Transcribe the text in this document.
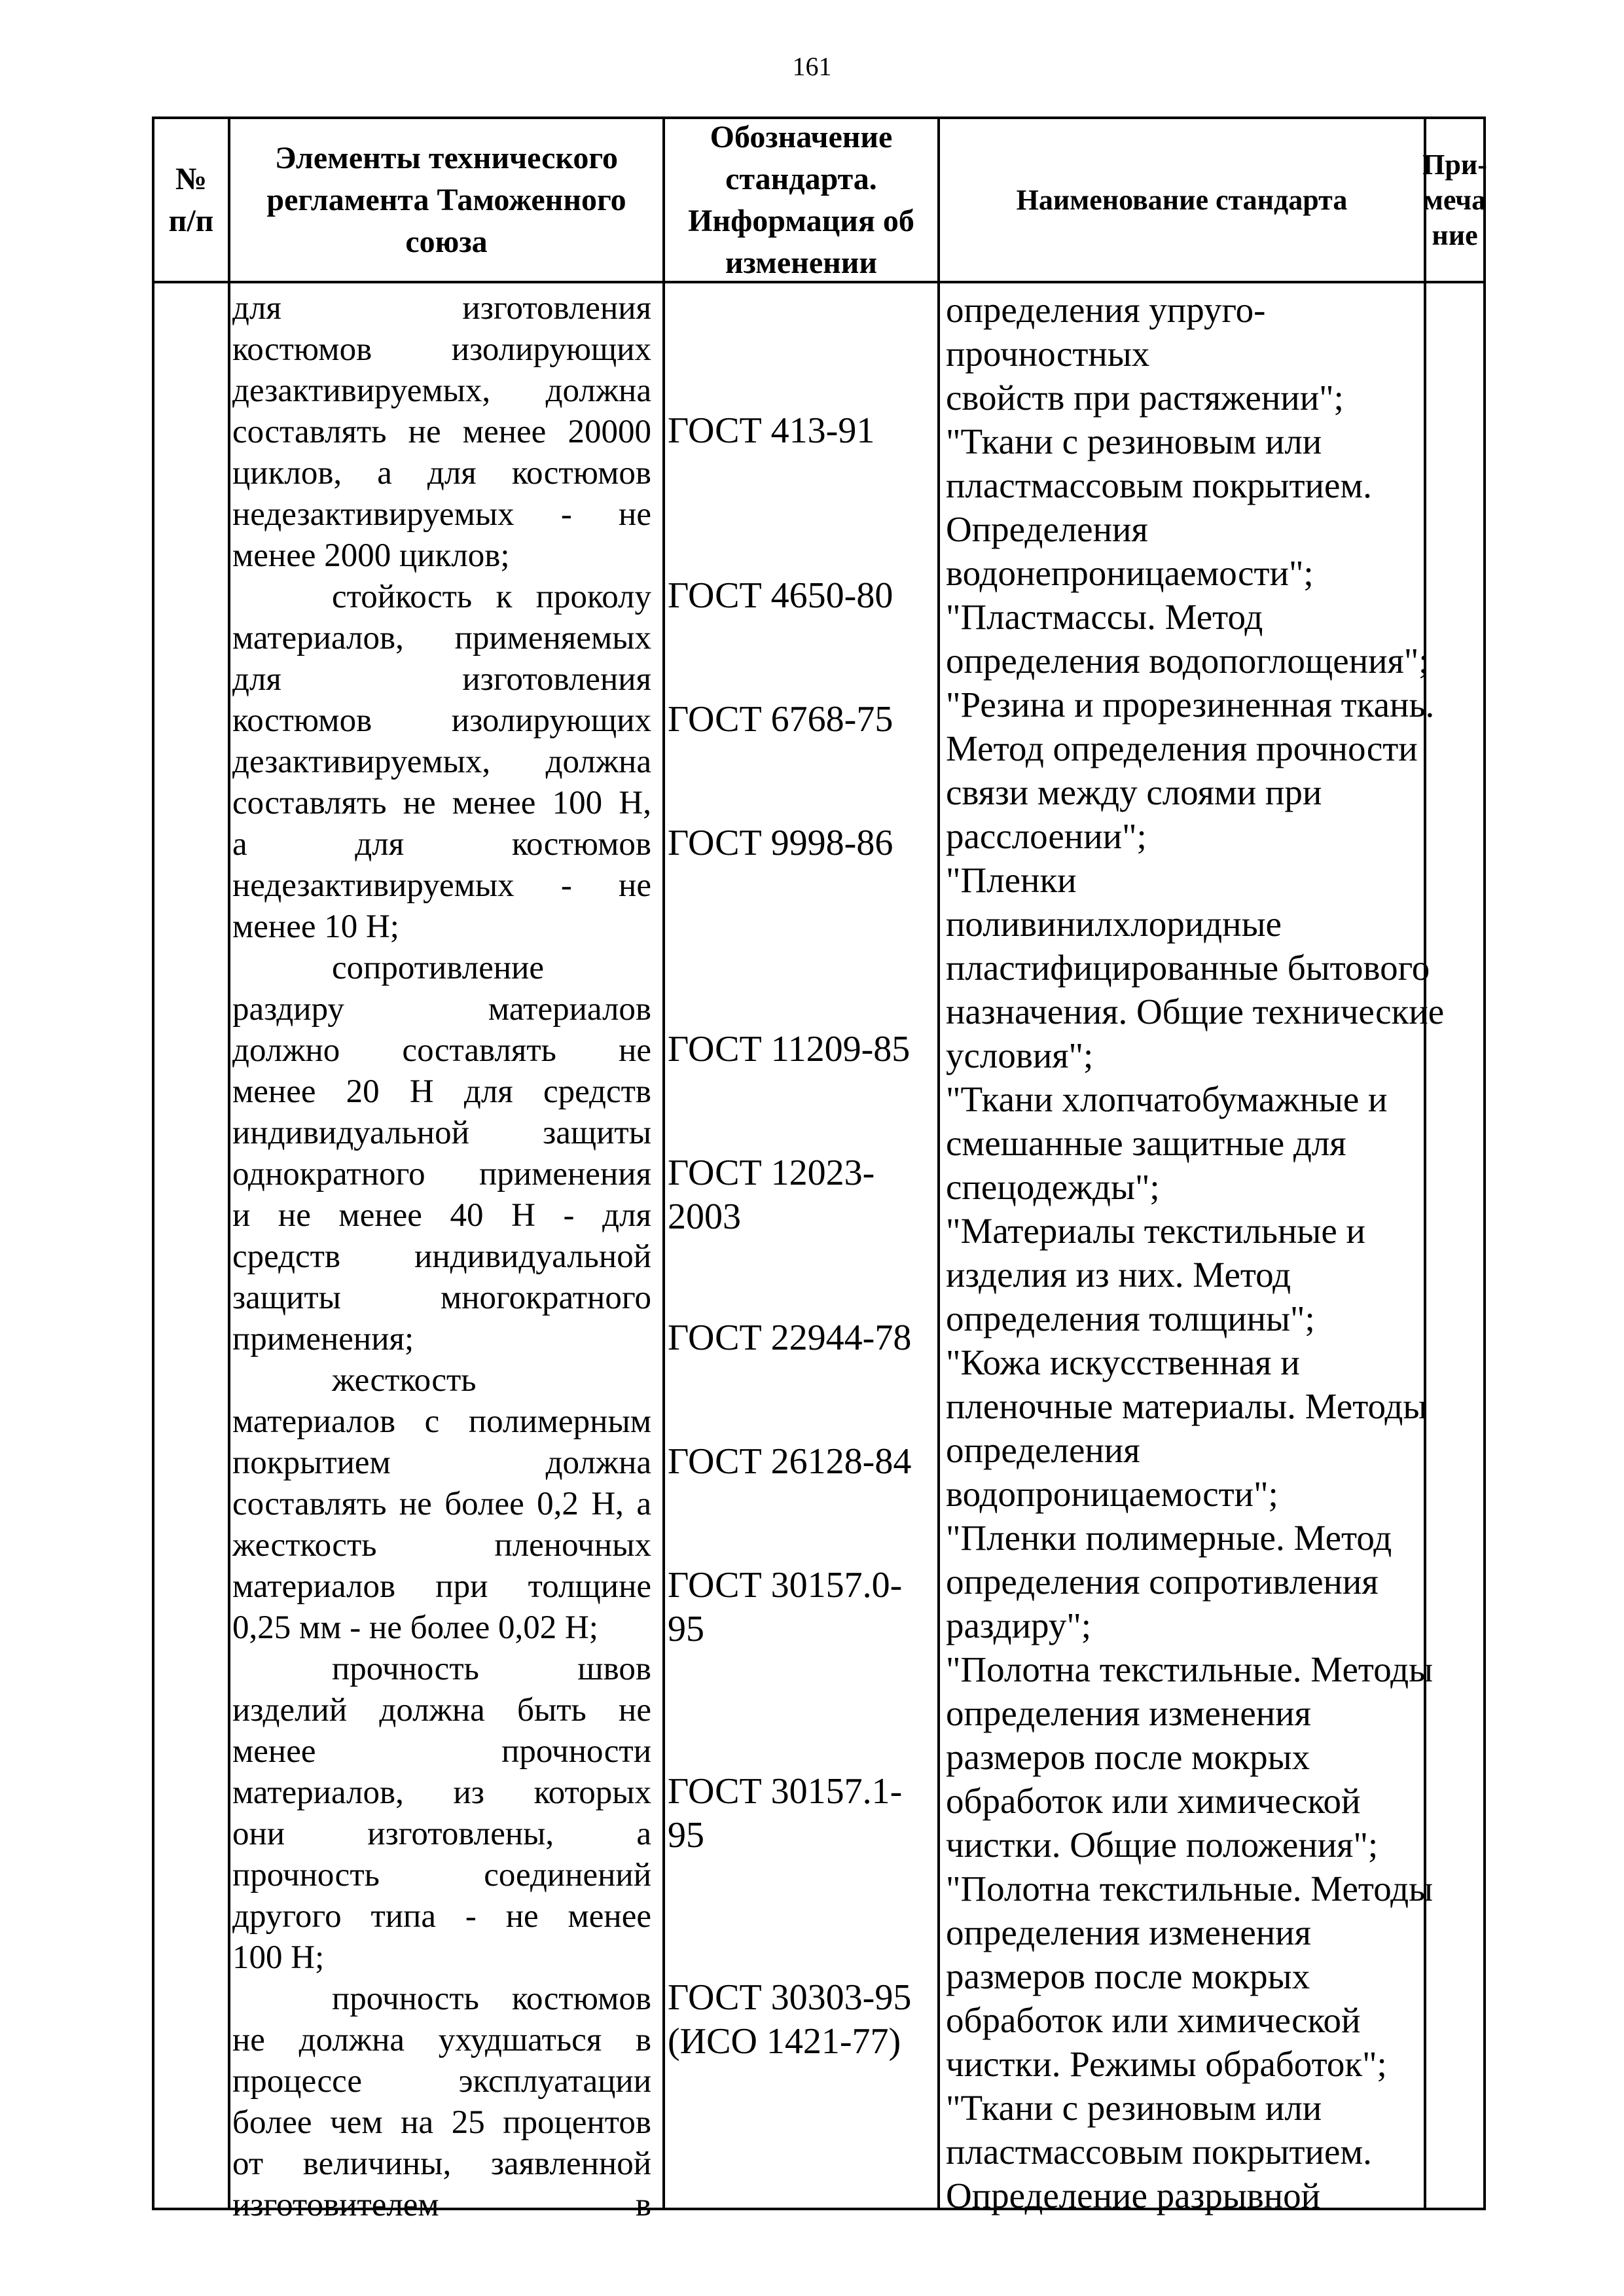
161
№
п/п
Элементы технического регламента Таможенного союза
Обозначение стандарта. Информация об изменении
Наименование стандарта
При-
меча
ние
для изготовления
костюмов изолирующих
дезактивируемых, должна
составлять не менее 20000
циклов, а для костюмов
недезактивируемых - не
менее 2000 циклов;
стойкость к проколу
материалов, применяемых
для изготовления
костюмов изолирующих
дезактивируемых, должна
составлять не менее 100 Н,
а для костюмов
недезактивируемых - не
менее 10 Н;
сопротивление
раздиру материалов
должно составлять не
менее 20 Н для средств
индивидуальной защиты
однократного применения
и не менее 40 Н - для
средств индивидуальной
защиты многократного
применения;
жесткость
материалов с полимерным
покрытием должна
составлять не более 0,2 Н, а
жесткость пленочных
материалов при толщине
0,25 мм - не более 0,02 Н;
прочность швов
изделий должна быть не
менее прочности
материалов, из которых
они изготовлены, а
прочность соединений
другого типа - не менее
100 Н;
прочность костюмов
не должна ухудшаться в
процессе эксплуатации
более чем на 25 процентов
от величины, заявленной
изготовителем в
ГОСТ 413-91
ГОСТ 4650-80
ГОСТ 6768-75
ГОСТ 9998-86
ГОСТ 11209-85
ГОСТ 12023-
2003
ГОСТ 22944-78
ГОСТ 26128-84
ГОСТ 30157.0-
95
ГОСТ 30157.1-
95
ГОСТ 30303-95
(ИСО 1421-77)
определения упруго-
прочностных
свойств при растяжении";
"Ткани с резиновым или
пластмассовым покрытием.
Определения
водонепроницаемости";
"Пластмассы. Метод
определения водопоглощения";
"Резина и прорезиненная ткань.
Метод определения прочности
связи между слоями при
расслоении";
"Пленки
поливинилхлоридные
пластифицированные бытового
назначения. Общие технические
условия";
"Ткани хлопчатобумажные и
смешанные защитные для
спецодежды";
"Материалы текстильные и
изделия из них. Метод
определения толщины";
"Кожа искусственная и
пленочные материалы. Методы
определения
водопроницаемости";
"Пленки полимерные. Метод
определения сопротивления
раздиру";
"Полотна текстильные. Методы
определения изменения
размеров после мокрых
обработок или химической
чистки. Общие положения";
"Полотна текстильные. Методы
определения изменения
размеров после мокрых
обработок или химической
чистки. Режимы обработок";
"Ткани с резиновым или
пластмассовым покрытием.
Определение разрывной
